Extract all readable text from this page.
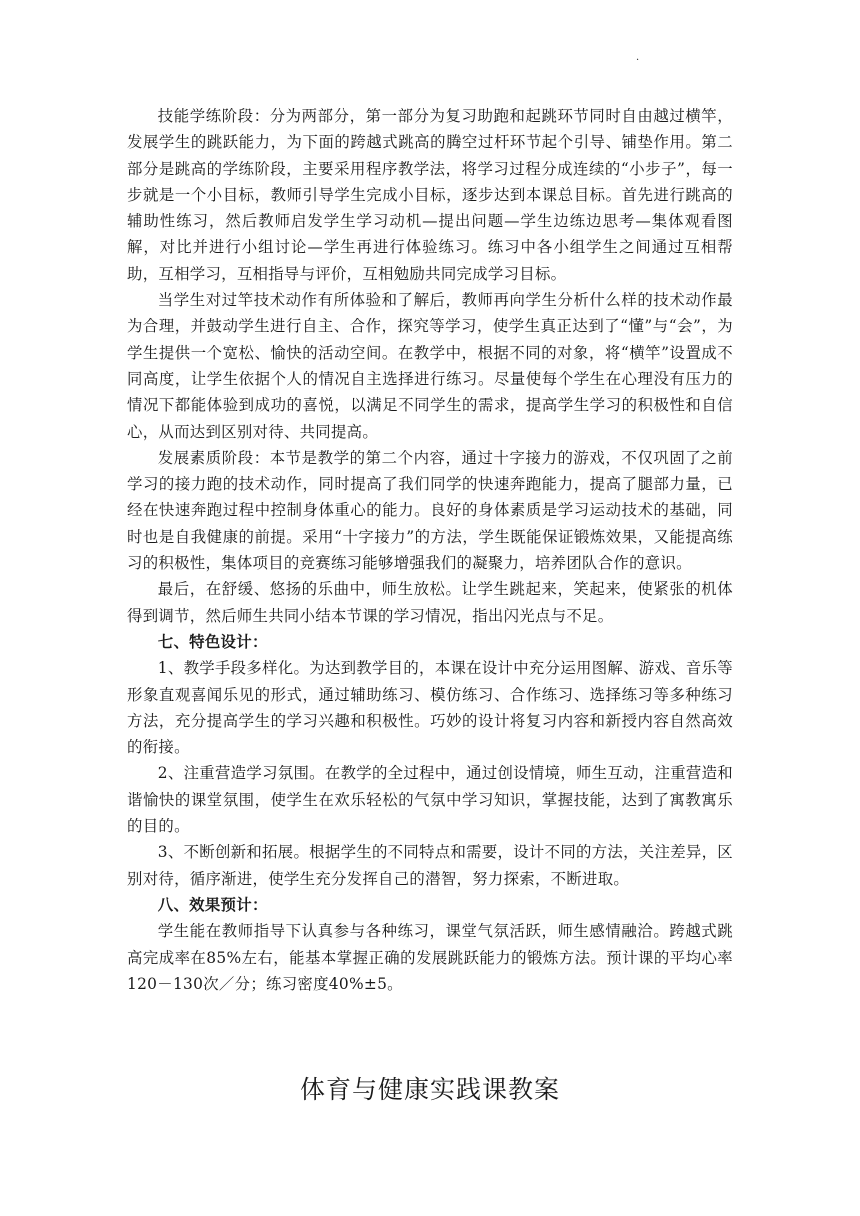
·

技能学练阶段：分为两部分，第一部分为复习助跑和起跳环节同时自由越过横竿，发展学生的跳跃能力，为下面的跨越式跳高的腾空过杆环节起个引导、铺垫作用。第二部分是跳高的学练阶段，主要采用程序教学法，将学习过程分成连续的“小步子”，每一步就是一个小目标，教师引导学生完成小目标，逐步达到本课总目标。首先进行跳高的辅助性练习，然后教师启发学生学习动机—提出问题—学生边练边思考—集体观看图解，对比并进行小组讨论—学生再进行体验练习。练习中各小组学生之间通过互相帮助，互相学习，互相指导与评价，互相勉励共同完成学习目标。

当学生对过竿技术动作有所体验和了解后，教师再向学生分析什么样的技术动作最为合理，并鼓动学生进行自主、合作，探究等学习，使学生真正达到了“懂”与“会”，为学生提供一个宽松、愉快的活动空间。在教学中，根据不同的对象，将“横竿”设置成不同高度，让学生依据个人的情况自主选择进行练习。尽量使每个学生在心理没有压力的情况下都能体验到成功的喜悦，以满足不同学生的需求，提高学生学习的积极性和自信心，从而达到区别对待、共同提高。

发展素质阶段：本节是教学的第二个内容，通过十字接力的游戏，不仅巩固了之前学习的接力跑的技术动作，同时提高了我们同学的快速奔跑能力，提高了腿部力量，已经在快速奔跑过程中控制身体重心的能力。良好的身体素质是学习运动技术的基础，同时也是自我健康的前提。采用“十字接力”的方法，学生既能保证锻炼效果，又能提高练习的积极性，集体项目的竞赛练习能够增强我们的凝聚力，培养团队合作的意识。

最后，在舒缓、悠扬的乐曲中，师生放松。让学生跳起来，笑起来，使紧张的机体得到调节，然后师生共同小结本节课的学习情况，指出闪光点与不足。

七、特色设计：

1、教学手段多样化。为达到教学目的，本课在设计中充分运用图解、游戏、音乐等形象直观喜闻乐见的形式，通过辅助练习、模仿练习、合作练习、选择练习等多种练习方法，充分提高学生的学习兴趣和积极性。巧妙的设计将复习内容和新授内容自然高效的衔接。

2、注重营造学习氛围。在教学的全过程中，通过创设情境，师生互动，注重营造和谐愉快的课堂氛围，使学生在欢乐轻松的气氛中学习知识，掌握技能，达到了寓教寓乐的目的。

3、不断创新和拓展。根据学生的不同特点和需要，设计不同的方法，关注差异，区别对待，循序渐进，使学生充分发挥自己的潜智，努力探索，不断进取。

八、效果预计：

学生能在教师指导下认真参与各种练习，课堂气氛活跃，师生感情融洽。跨越式跳高完成率在85%左右，能基本掌握正确的发展跳跃能力的锻炼方法。预计课的平均心率120－130次／分；练习密度40%±5。

体育与健康实践课教案
